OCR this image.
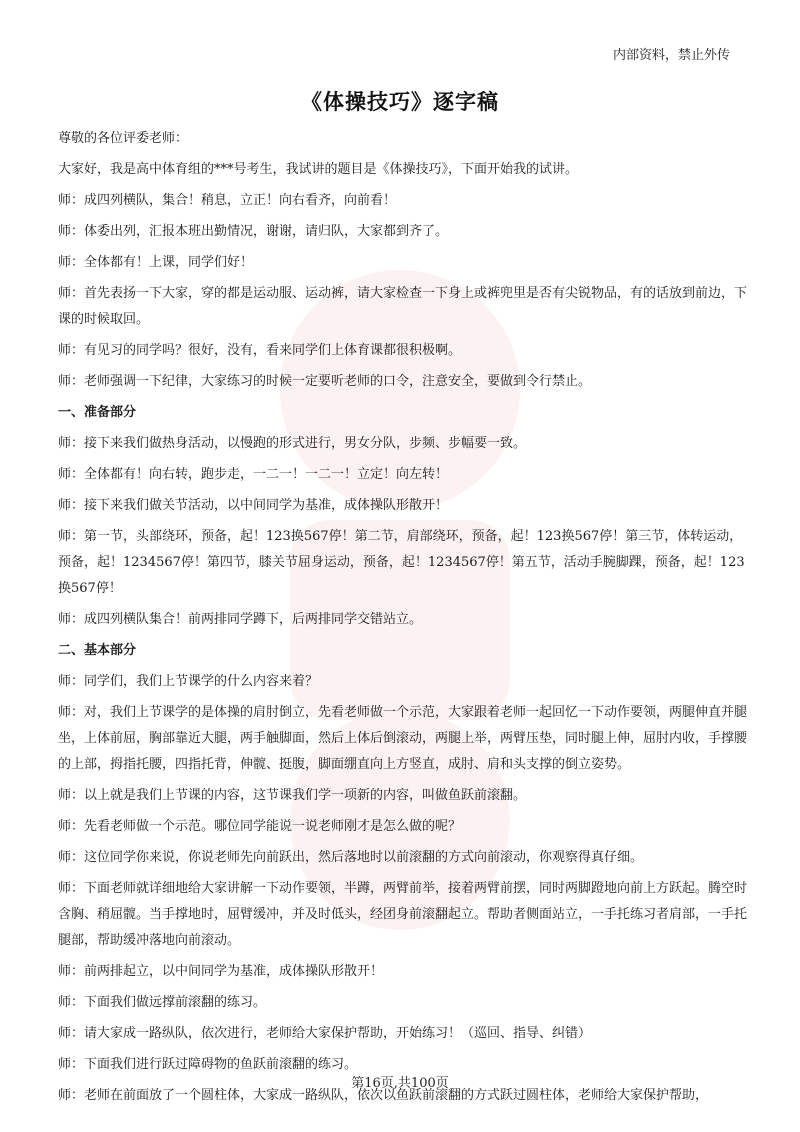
内部资料，禁止外传
《体操技巧》逐字稿

尊敬的各位评委老师：

大家好，我是高中体育组的***号考生，我试讲的题目是《体操技巧》，下面开始我的试讲。

师：成四列横队，集合！稍息，立正！向右看齐，向前看！

师：体委出列，汇报本班出勤情况，谢谢，请归队，大家都到齐了。

师：全体都有！上课，同学们好！

师：首先表扬一下大家，穿的都是运动服、运动裤，请大家检查一下身上或裤兜里是否有尖锐物品，有的话放到前边，下课的时候取回。

师：有见习的同学吗？很好，没有，看来同学们上体育课都很积极啊。

师：老师强调一下纪律，大家练习的时候一定要听老师的口令，注意安全，要做到令行禁止。

一、准备部分

师：接下来我们做热身活动，以慢跑的形式进行，男女分队，步频、步幅要一致。

师：全体都有！向右转，跑步走，一二一！一二一！立定！向左转！

师：接下来我们做关节活动，以中间同学为基准，成体操队形散开！

师：第一节，头部绕环，预备，起！123换567停！第二节，肩部绕环，预备，起！123换567停！第三节，体转运动，预备，起！1234567停！第四节，膝关节屈身运动，预备，起！1234567停！第五节，活动手腕脚踝，预备，起！123换567停！

师：成四列横队集合！前两排同学蹲下，后两排同学交错站立。

二、基本部分

师：同学们，我们上节课学的什么内容来着？

师：对，我们上节课学的是体操的肩肘倒立，先看老师做一个示范，大家跟着老师一起回忆一下动作要领，两腿伸直并腿坐，上体前屈，胸部靠近大腿，两手触脚面，然后上体后倒滚动，两腿上举，两臂压垫，同时腿上伸，屈肘内收，手撑腰的上部，拇指托腰，四指托背，伸髋、挺腹，脚面绷直向上方竖直，成肘、肩和头支撑的倒立姿势。

师：以上就是我们上节课的内容，这节课我们学一项新的内容，叫做鱼跃前滚翻。

师：先看老师做一个示范。哪位同学能说一说老师刚才是怎么做的呢？

师：这位同学你来说，你说老师先向前跃出，然后落地时以前滚翻的方式向前滚动，你观察得真仔细。

师：下面老师就详细地给大家讲解一下动作要领，半蹲，两臂前举，接着两臂前摆，同时两脚蹬地向前上方跃起。腾空时含胸、稍屈髋。当手撑地时，屈臂缓冲，并及时低头，经团身前滚翻起立。帮助者侧面站立，一手托练习者肩部，一手托腿部，帮助缓冲落地向前滚动。

师：前两排起立，以中间同学为基准，成体操队形散开！

师：下面我们做远撑前滚翻的练习。

师：请大家成一路纵队，依次进行，老师给大家保护帮助，开始练习！（巡回、指导、纠错）

师：下面我们进行跃过障碍物的鱼跃前滚翻的练习。

师：老师在前面放了一个圆柱体，大家成一路纵队，依次以鱼跃前滚翻的方式跃过圆柱体，老师给大家保护帮助，

第16页,共100页
